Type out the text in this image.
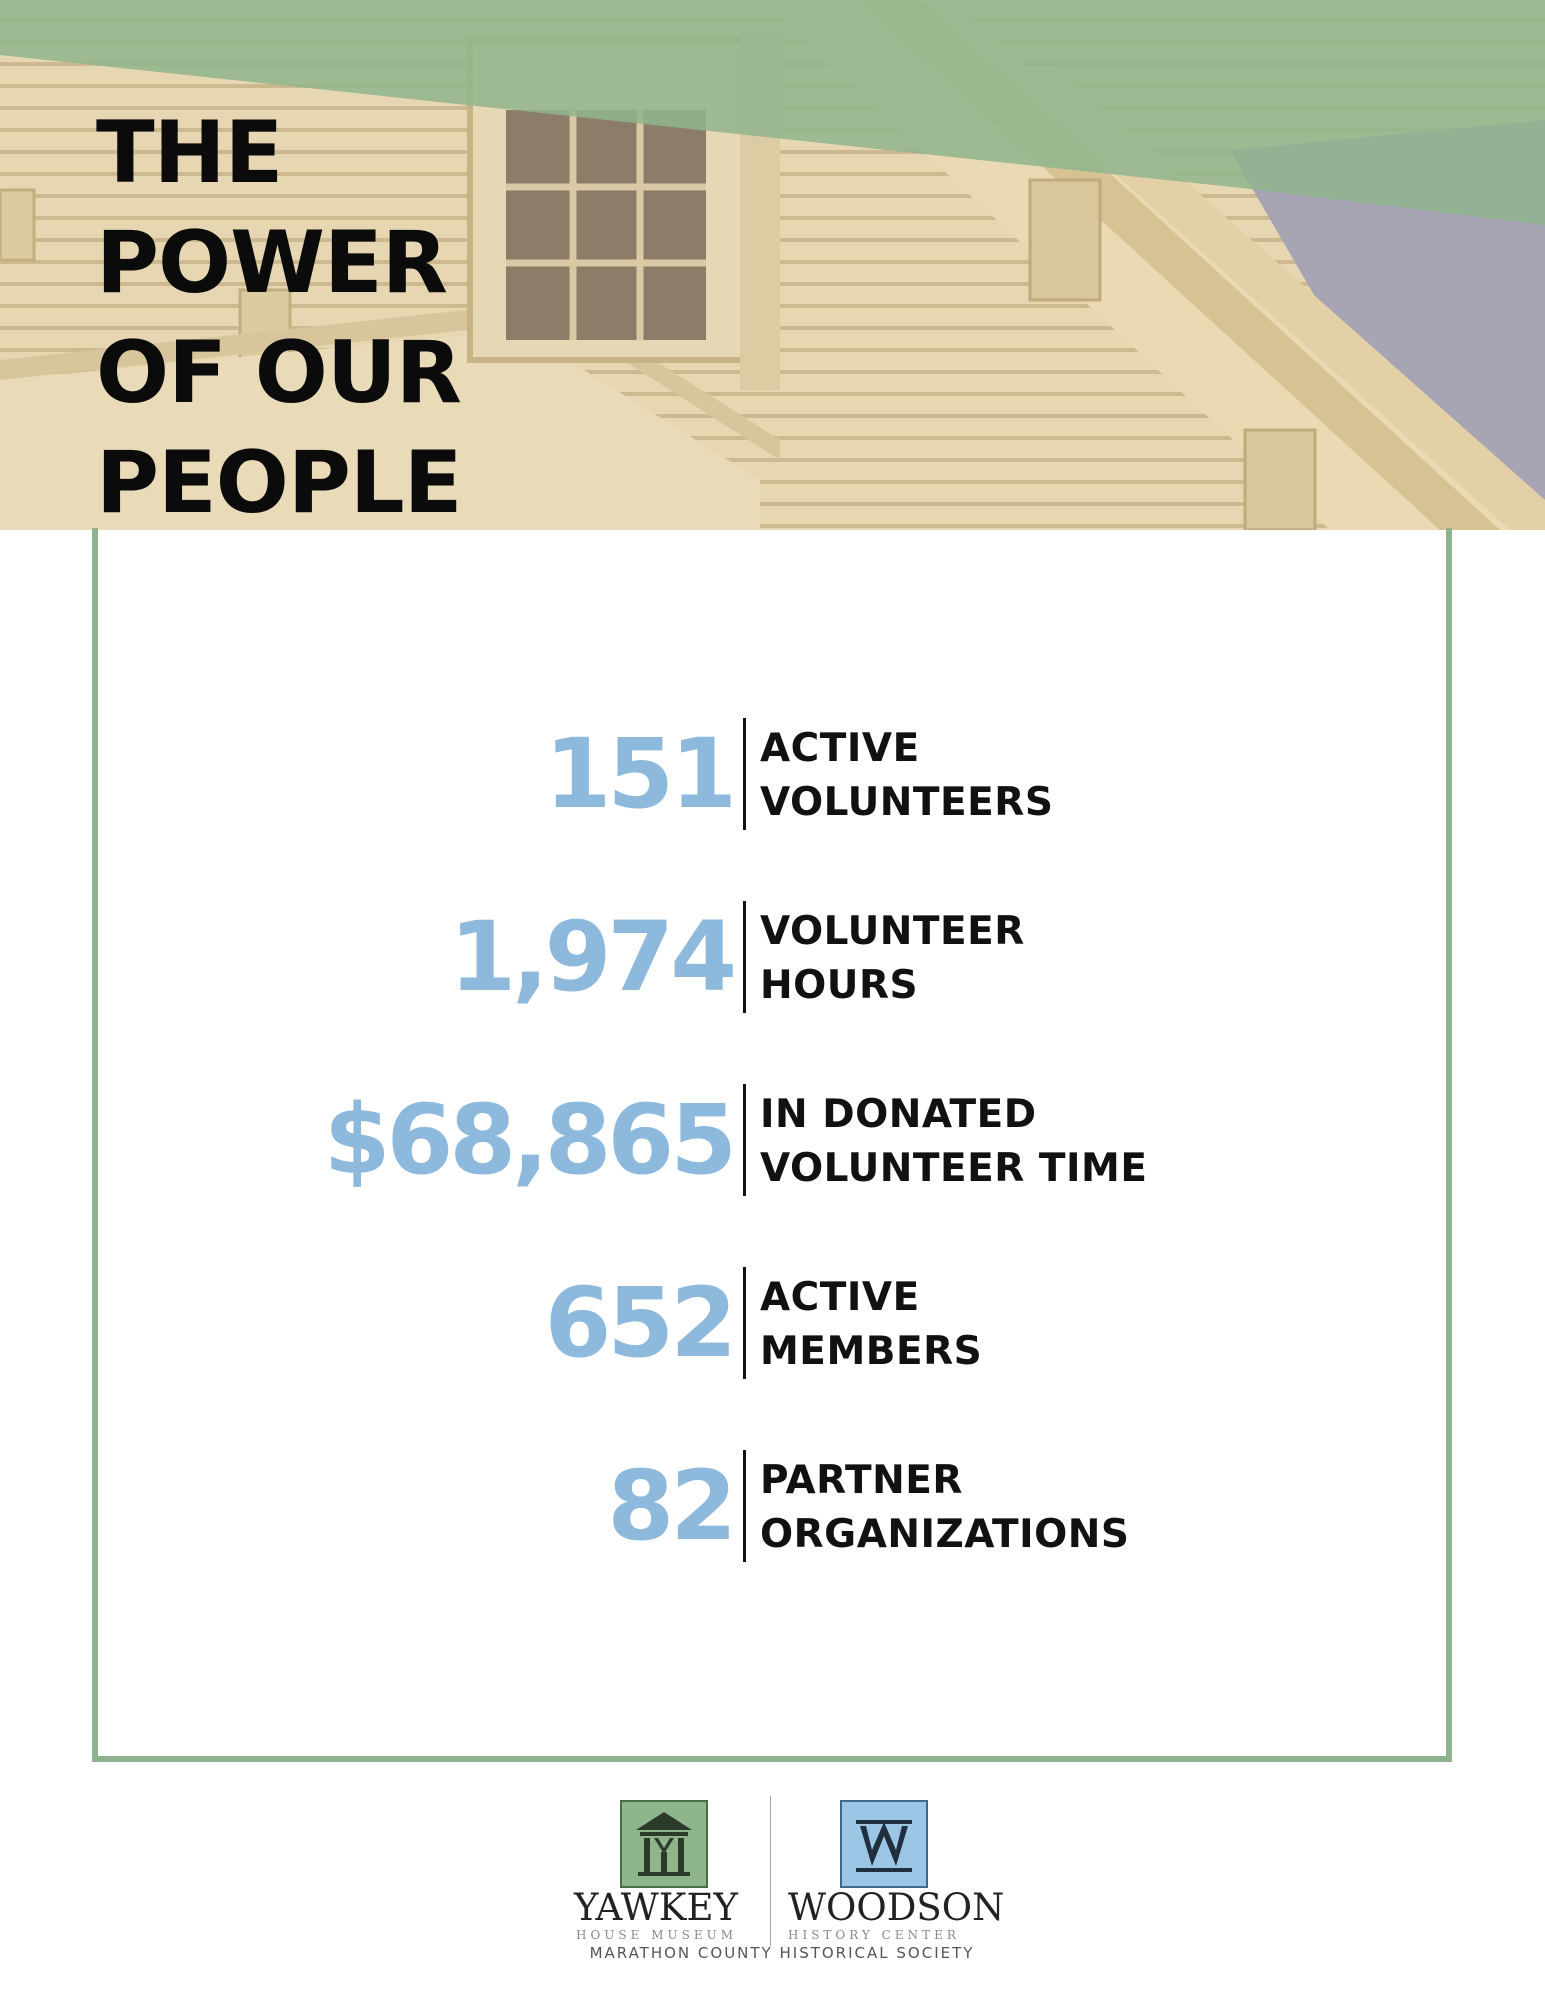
THE
POWER
OF OUR
PEOPLE
151 ACTIVE
VOLUNTEERS
1,974 VOLUNTEER
HOURS
$68,865 IN DONATED
VOLUNTEER TIME
652 ACTIVE
MEMBERS
82 PARTNER
ORGANIZATIONS
YAWKEY WOODSON
HOUSE MUSEUM	HISTORY CENTER
MARATHON COUNTY HISTORICAL SOCIETY
